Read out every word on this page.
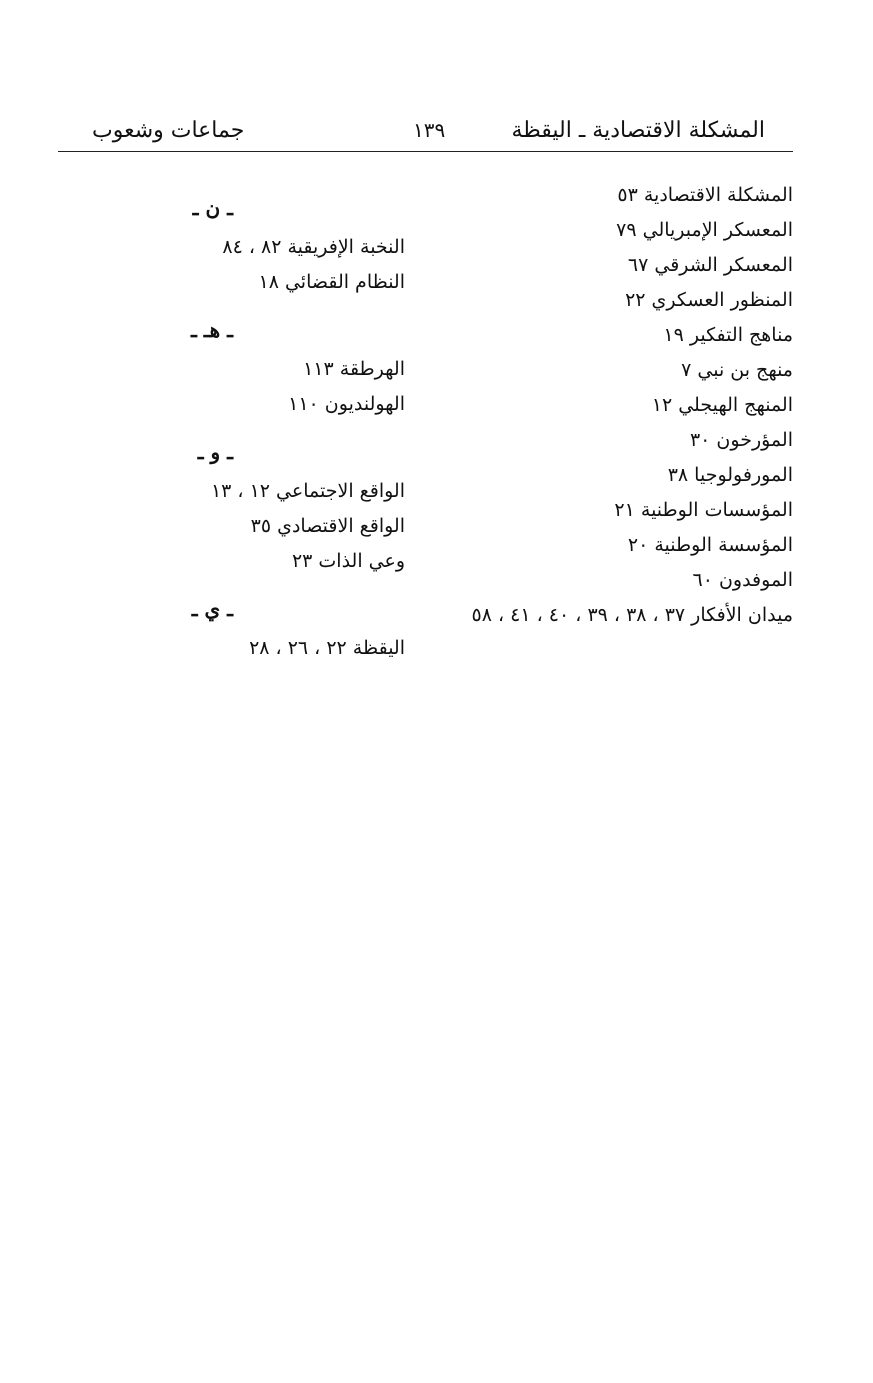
المشكلة الاقتصادية ـ اليقظة
١٣٩
جماعات وشعوب
المشكلة الاقتصادية ٥٣
المعسكر الإمبريالي ٧٩
المعسكر الشرقي ٦٧
المنظور العسكري ٢٢
مناهج التفكير ١٩
منهج بن نبي ٧
المنهج الهيجلي ١٢
المؤرخون ٣٠
المورفولوجيا ٣٨
المؤسسات الوطنية ٢١
المؤسسة الوطنية ٢٠
الموفدون ٦٠
ميدان الأفكار ٣٧ ، ٣٨ ، ٣٩ ، ٤٠ ، ٤١ ، ٥٨
ـ ن ـ
النخبة الإفريقية ٨٢ ، ٨٤
النظام القضائي ١٨
ـ هـ ـ
الهرطقة ١١٣
الهولنديون ١١٠
ـ و ـ
الواقع الاجتماعي ١٢ ، ١٣
الواقع الاقتصادي ٣٥
وعي الذات ٢٣
ـ ي ـ
اليقظة ٢٢ ، ٢٦ ، ٢٨
